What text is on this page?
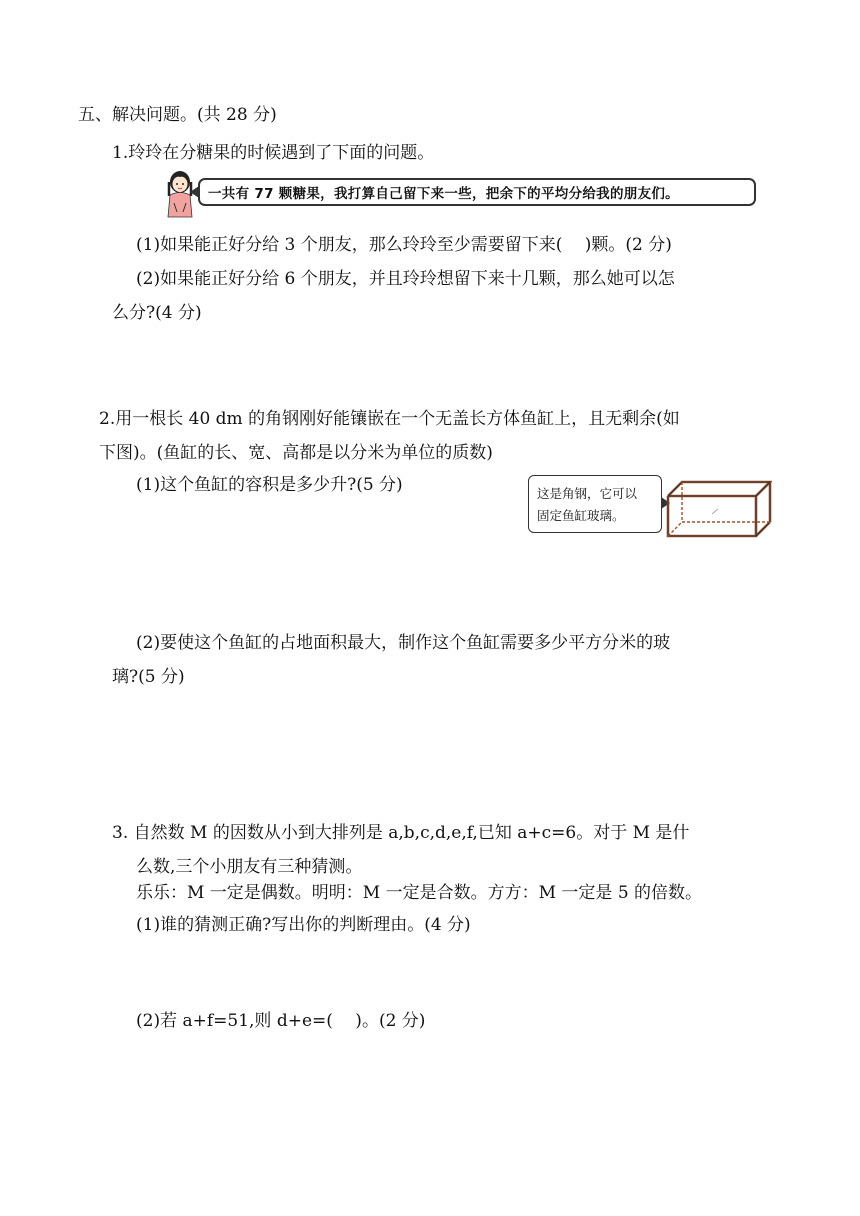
五、解决问题。(共 28 分)
1.玲玲在分糖果的时候遇到了下面的问题。
一共有 77 颗糖果，我打算自己留下来一些，把余下的平均分给我的朋友们。
(1)如果能正好分给 3 个朋友，那么玲玲至少需要留下来(　 )颗。(2 分)
(2)如果能正好分给 6 个朋友，并且玲玲想留下来十几颗，那么她可以怎
么分?(4 分)
2.用一根长 40 dm 的角钢刚好能镶嵌在一个无盖长方体鱼缸上，且无剩余(如
下图)。(鱼缸的长、宽、高都是以分米为单位的质数)
(1)这个鱼缸的容积是多少升?(5 分)	这是角钢，它可以
固定鱼缸玻璃。
(2)要使这个鱼缸的占地面积最大，制作这个鱼缸需要多少平方分米的玻
璃?(5 分)
3. 自然数 M 的因数从小到大排列是 a,b,c,d,e,f,已知 a+c=6。对于 M 是什
么数,三个小朋友有三种猜测。
乐乐：M 一定是偶数。明明：M 一定是合数。方方：M 一定是 5 的倍数。
(1)谁的猜测正确?写出你的判断理由。(4 分)
(2)若 a+f=51,则 d+e=(　 )。(2 分)
